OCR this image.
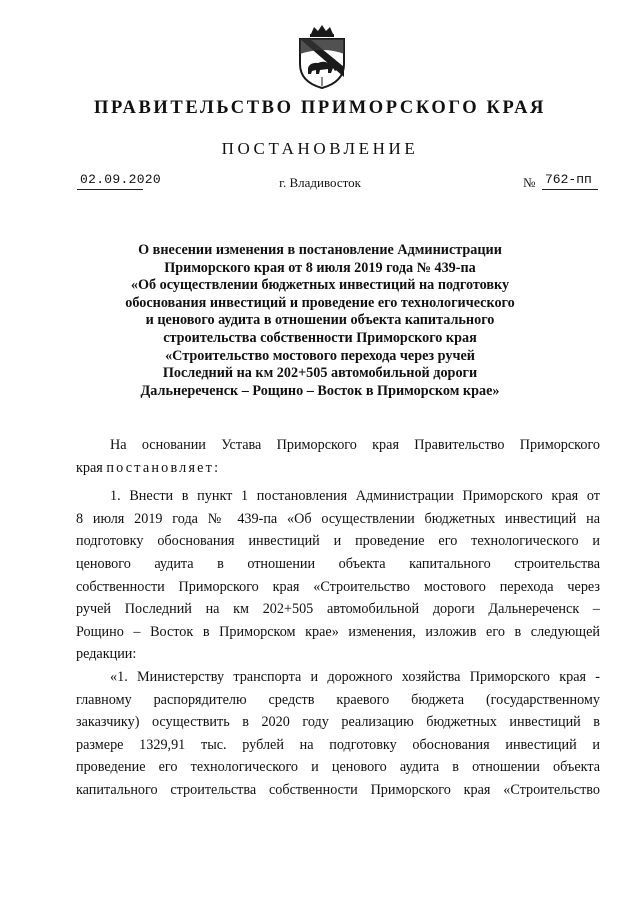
ПРАВИТЕЛЬСТВО ПРИМОРСКОГО КРАЯ
ПОСТАНОВЛЕНИЕ
02.09.2020	г. Владивосток	№ 762-пп
О внесении изменения в постановление Администрации
Приморского края от 8 июля 2019 года № 439-па
«Об осуществлении бюджетных инвестиций на подготовку
обоснования инвестиций и проведение его технологического
и ценового аудита в отношении объекта капитального
строительства собственности Приморского края
«Строительство мостового перехода через ручей
Последний на км 202+505 автомобильной дороги
Дальнереченск – Рощино – Восток в Приморском крае»
На основании Устава Приморского края Правительство Приморского
края постановляет:
1. Внести в пункт 1 постановления Администрации Приморского края от
8 июля 2019 года № 439-па «Об осуществлении бюджетных инвестиций на
подготовку обоснования инвестиций и проведение его технологического и
ценового аудита в отношении объекта капитального строительства
собственности Приморского края «Строительство мостового перехода через
ручей Последний на км 202+505 автомобильной дороги Дальнереченск –
Рощино – Восток в Приморском крае» изменения, изложив его в следующей
редакции:
«1. Министерству транспорта и дорожного хозяйства Приморского края -
главному распорядителю средств краевого бюджета (государственному
заказчику) осуществить в 2020 году реализацию бюджетных инвестиций в
размере 1329,91 тыс. рублей на подготовку обоснования инвестиций и
проведение его технологического и ценового аудита в отношении объекта
капитального строительства собственности Приморского края «Строительство
